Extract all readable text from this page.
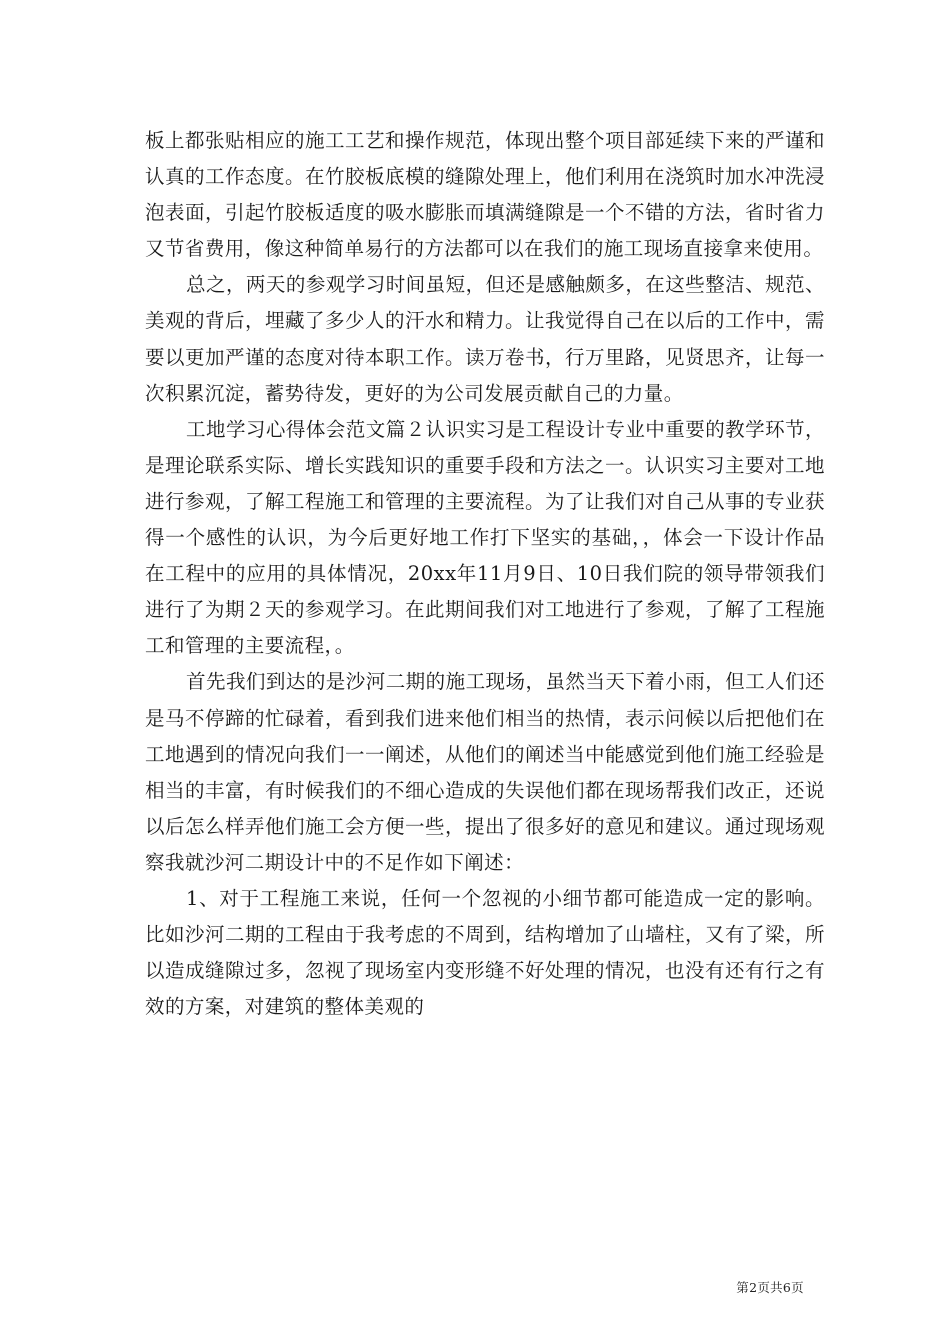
板上都张贴相应的施工工艺和操作规范，体现出整个项目部延续下来的严谨和认真的工作态度。在竹胶板底模的缝隙处理上，他们利用在浇筑时加水冲洗浸泡表面，引起竹胶板适度的吸水膨胀而填满缝隙是一个不错的方法，省时省力又节省费用，像这种简单易行的方法都可以在我们的施工现场直接拿来使用。

总之，两天的参观学习时间虽短，但还是感触颇多，在这些整洁、规范、美观的背后，埋藏了多少人的汗水和精力。让我觉得自己在以后的工作中，需要以更加严谨的态度对待本职工作。读万卷书，行万里路，见贤思齐，让每一次积累沉淀，蓄势待发，更好的为公司发展贡献自己的力量。

工地学习心得体会范文篇２认识实习是工程设计专业中重要的教学环节，是理论联系实际、增长实践知识的重要手段和方法之一。认识实习主要对工地进行参观，了解工程施工和管理的主要流程。为了让我们对自己从事的专业获得一个感性的认识，为今后更好地工作打下坚实的基础，，体会一下设计作品在工程中的应用的具体情况，20xx年11月9日、10日我们院的领导带领我们进行了为期２天的参观学习。在此期间我们对工地进行了参观，了解了工程施工和管理的主要流程，。

首先我们到达的是沙河二期的施工现场，虽然当天下着小雨，但工人们还是马不停蹄的忙碌着，看到我们进来他们相当的热情，表示问候以后把他们在工地遇到的情况向我们一一阐述，从他们的阐述当中能感觉到他们施工经验是相当的丰富，有时候我们的不细心造成的失误他们都在现场帮我们改正，还说以后怎么样弄他们施工会方便一些，提出了很多好的意见和建议。通过现场观察我就沙河二期设计中的不足作如下阐述：

1、对于工程施工来说，任何一个忽视的小细节都可能造成一定的影响。比如沙河二期的工程由于我考虑的不周到，结构增加了山墙柱，又有了梁，所以造成缝隙过多，忽视了现场室内变形缝不好处理的情况，也没有还有行之有效的方案，对建筑的整体美观的

第2页共6页
